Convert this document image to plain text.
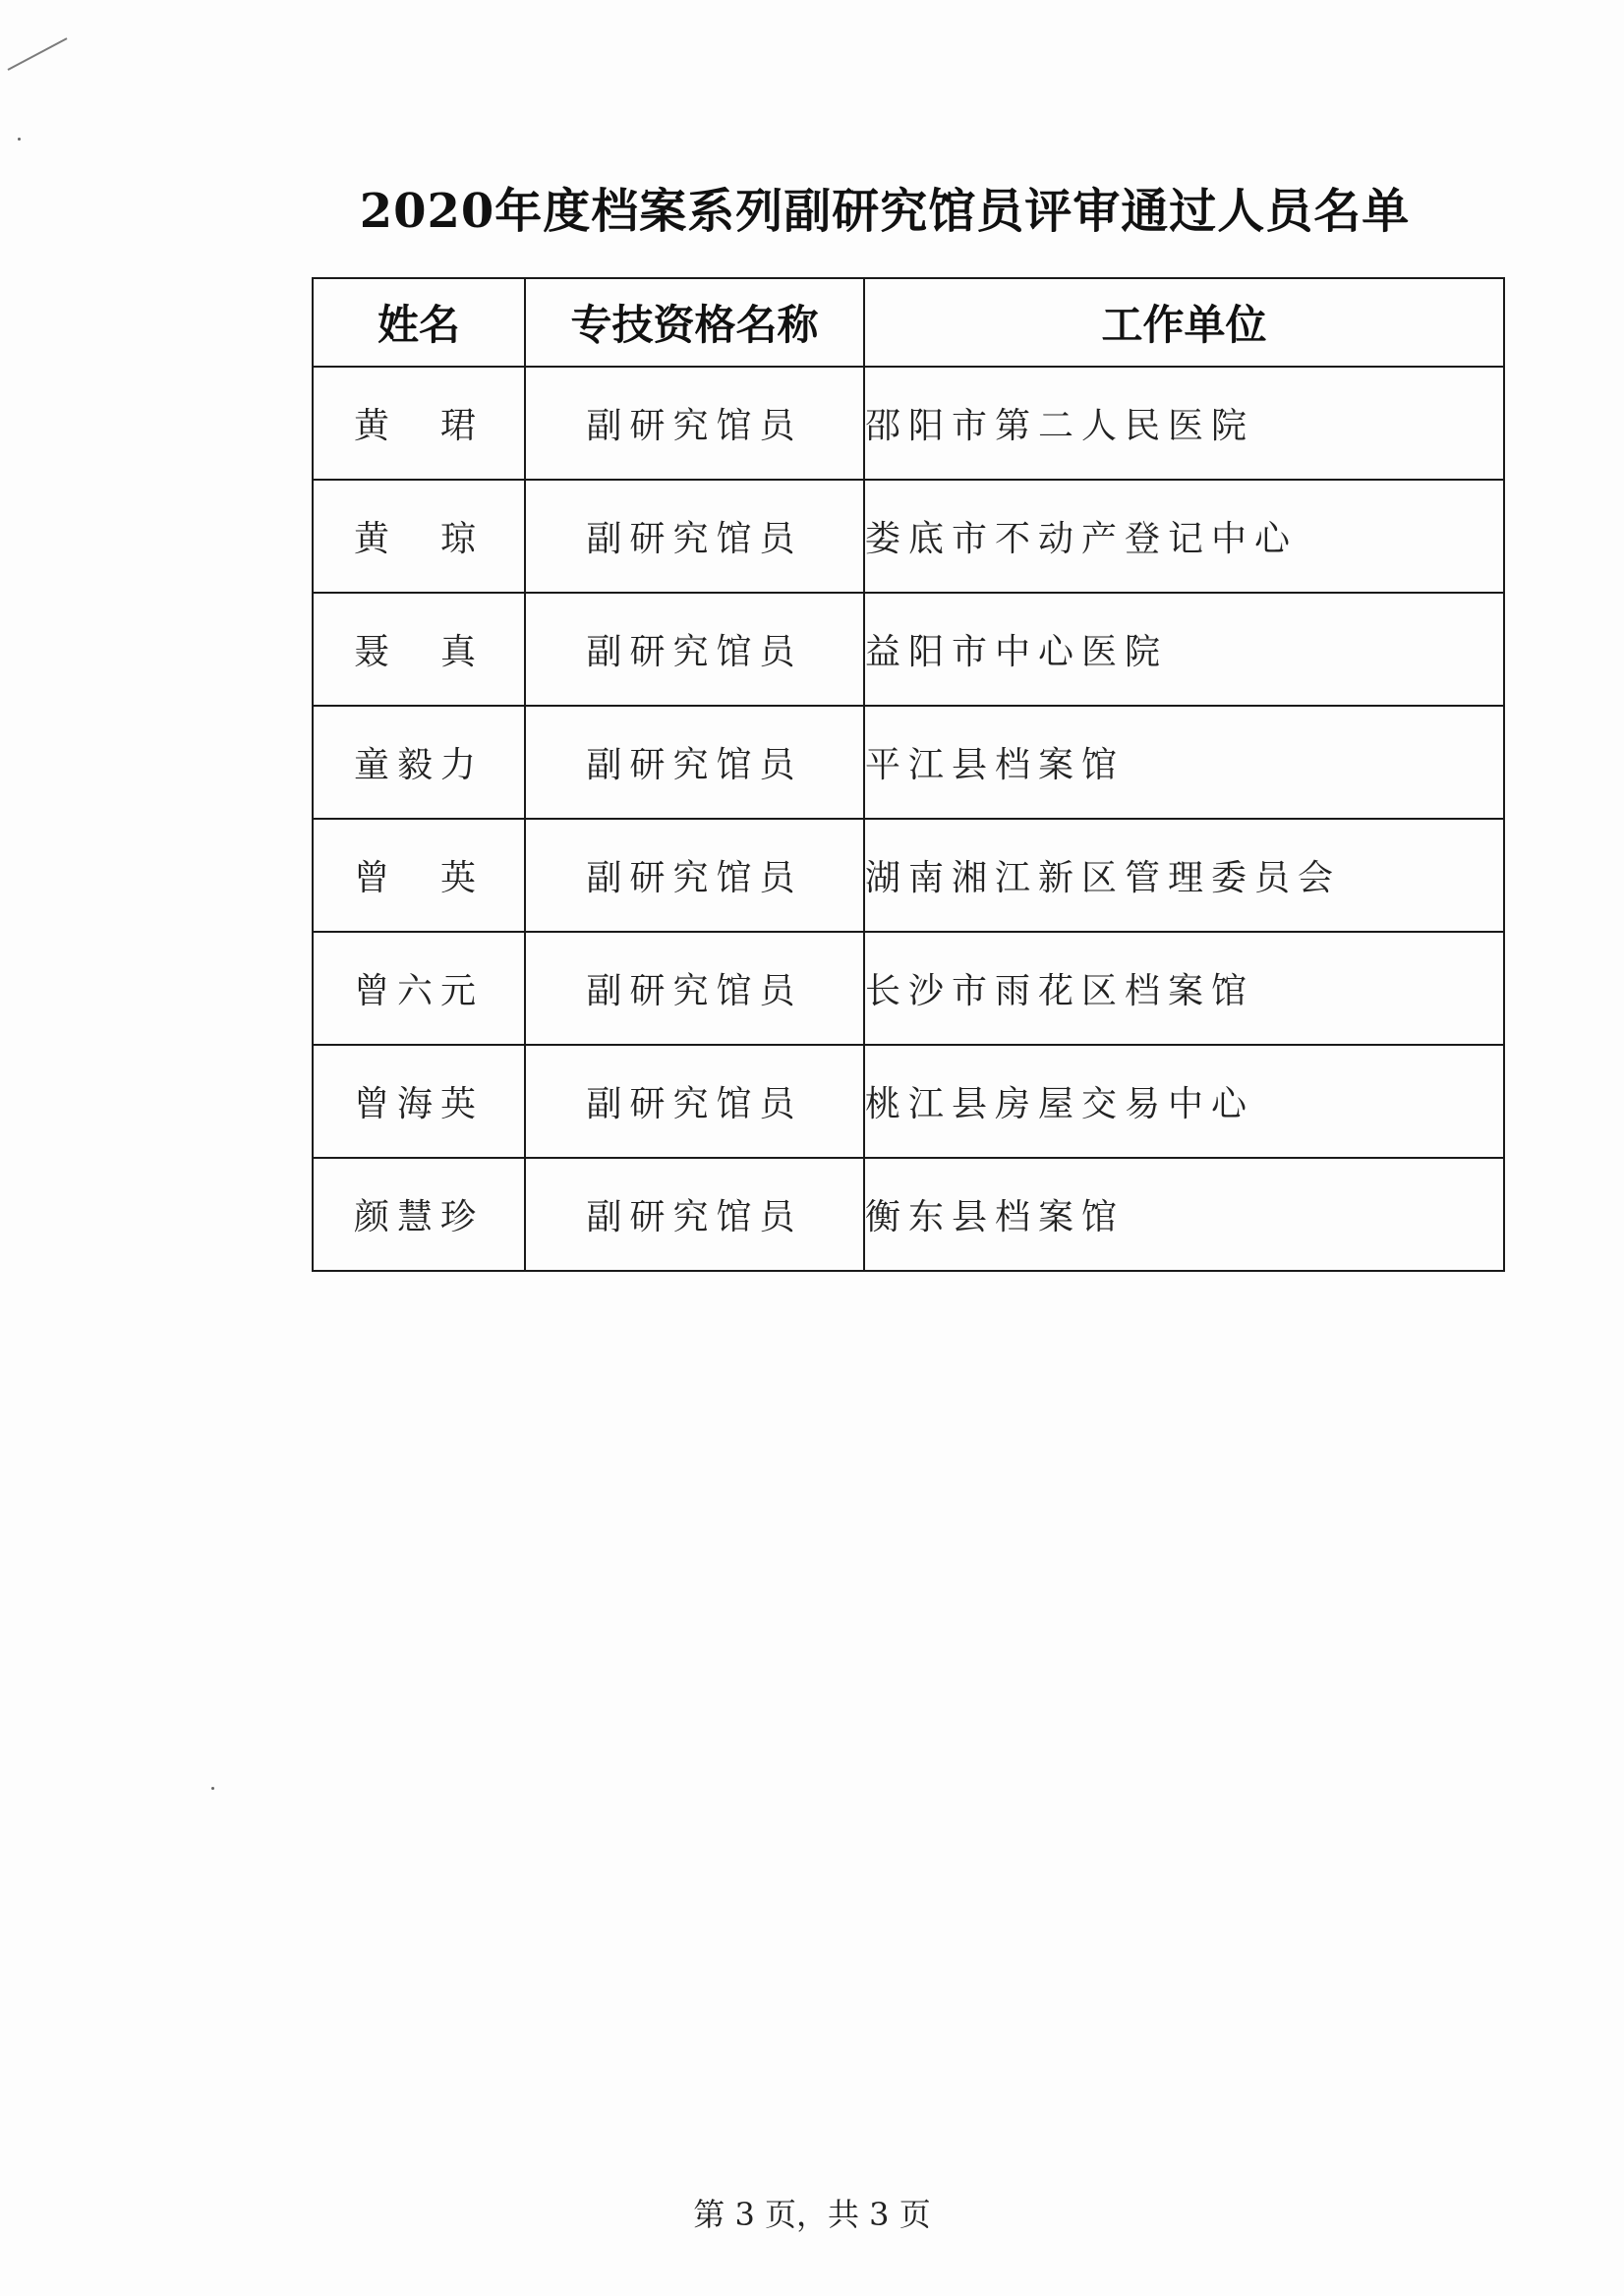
2020年度档案系列副研究馆员评审通过人员名单
姓名	专技资格名称	工作单位
黄　珺	副研究馆员	邵阳市第二人民医院
黄　琼	副研究馆员	娄底市不动产登记中心
聂　真	副研究馆员	益阳市中心医院
童毅力	副研究馆员	平江县档案馆
曾　英	副研究馆员	湖南湘江新区管理委员会
曾六元	副研究馆员	长沙市雨花区档案馆
曾海英	副研究馆员	桃江县房屋交易中心
颜慧珍	副研究馆员	衡东县档案馆
第 3 页，共 3 页
